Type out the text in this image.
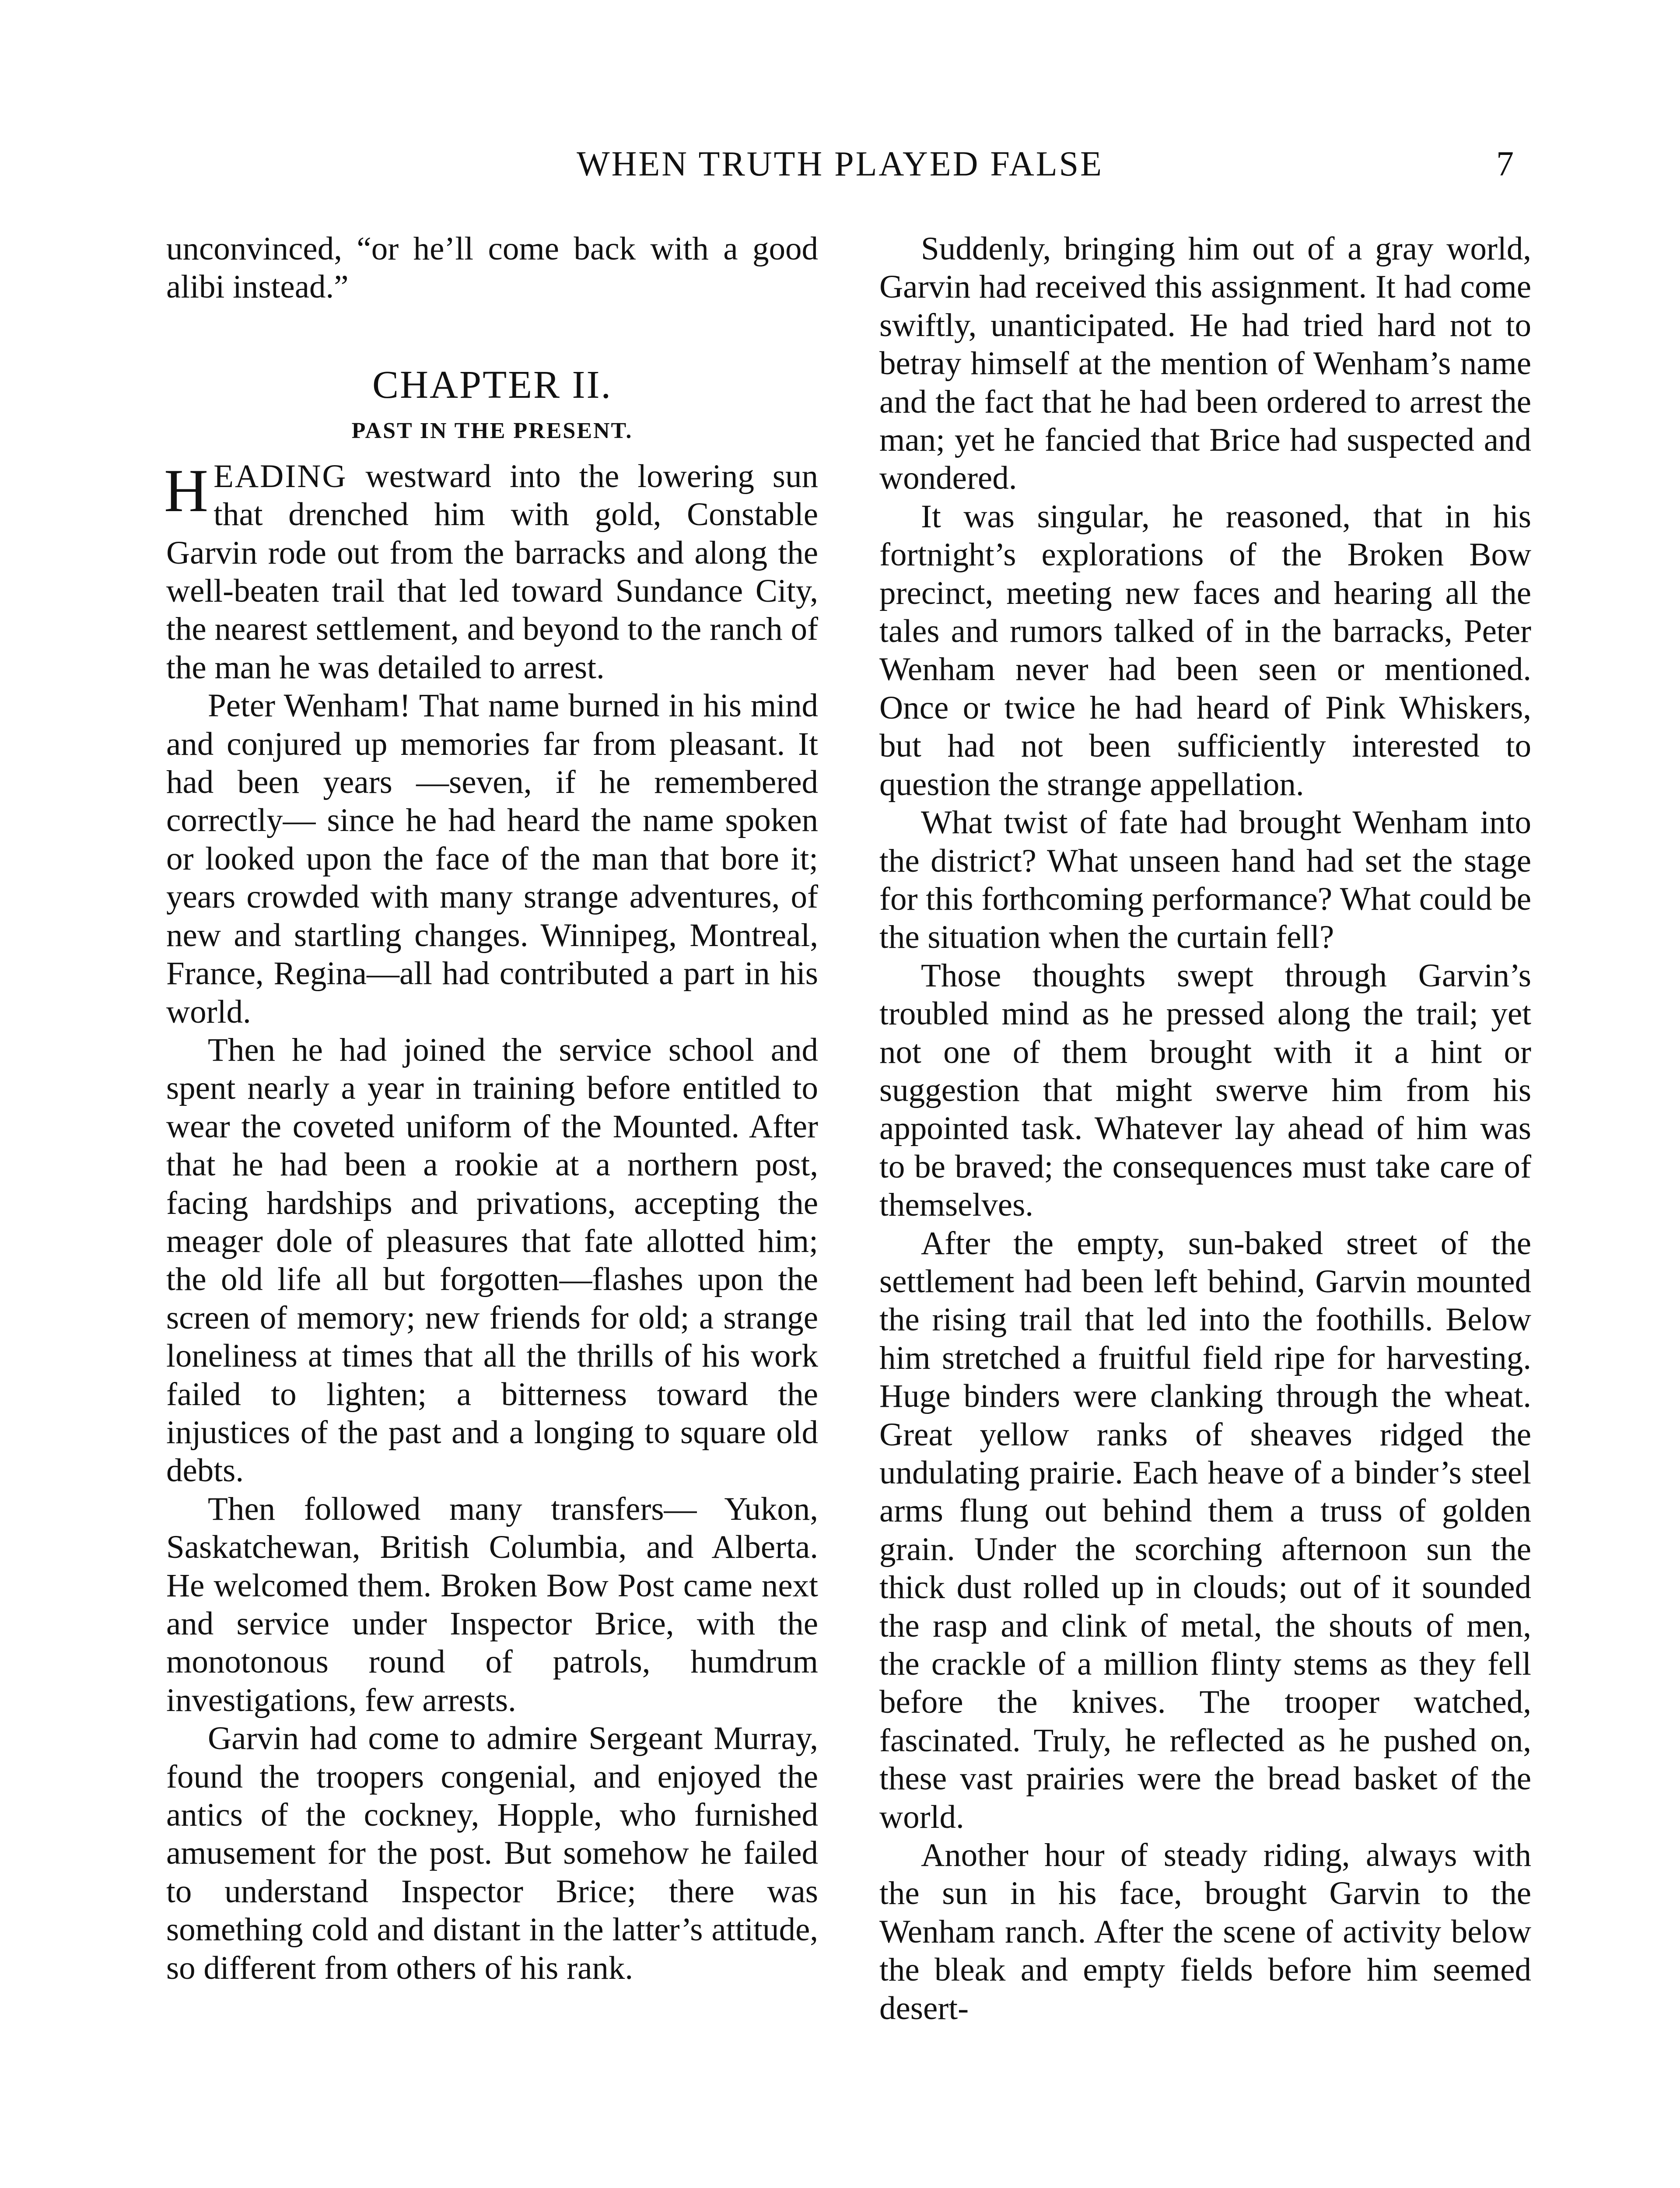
WHEN TRUTH PLAYED FALSE	7

unconvinced, “or he’ll come back with a good alibi instead.”

CHAPTER II.
PAST IN THE PRESENT.

HEADING westward into the lowering sun that drenched him with gold, Constable Garvin rode out from the barracks and along the well-beaten trail that led toward Sundance City, the nearest settlement, and beyond to the ranch of the man he was detailed to arrest.

Peter Wenham! That name burned in his mind and conjured up memories far from pleasant. It had been years —seven, if he remembered correctly— since he had heard the name spoken or looked upon the face of the man that bore it; years crowded with many strange adventures, of new and startling changes. Winnipeg, Montreal, France, Regina—all had contributed a part in his world.

Then he had joined the service school and spent nearly a year in training before entitled to wear the coveted uniform of the Mounted. After that he had been a rookie at a northern post, facing hardships and privations, accepting the meager dole of pleasures that fate allotted him; the old life all but forgotten—flashes upon the screen of memory; new friends for old; a strange loneliness at times that all the thrills of his work failed to lighten; a bitterness toward the injustices of the past and a longing to square old debts.

Then followed many transfers— Yukon, Saskatchewan, British Columbia, and Alberta. He welcomed them. Broken Bow Post came next and service under Inspector Brice, with the monotonous round of patrols, humdrum investigations, few arrests.

Garvin had come to admire Sergeant Murray, found the troopers congenial, and enjoyed the antics of the cockney, Hopple, who furnished amusement for the post. But somehow he failed to understand Inspector Brice; there was something cold and distant in the latter’s attitude, so different from others of his rank.

Suddenly, bringing him out of a gray world, Garvin had received this assignment. It had come swiftly, unanticipated. He had tried hard not to betray himself at the mention of Wenham’s name and the fact that he had been ordered to arrest the man; yet he fancied that Brice had suspected and wondered.

It was singular, he reasoned, that in his fortnight’s explorations of the Broken Bow precinct, meeting new faces and hearing all the tales and rumors talked of in the barracks, Peter Wenham never had been seen or mentioned. Once or twice he had heard of Pink Whiskers, but had not been sufficiently interested to question the strange appellation.

What twist of fate had brought Wenham into the district? What unseen hand had set the stage for this forthcoming performance? What could be the situation when the curtain fell?

Those thoughts swept through Garvin’s troubled mind as he pressed along the trail; yet not one of them brought with it a hint or suggestion that might swerve him from his appointed task. Whatever lay ahead of him was to be braved; the consequences must take care of themselves.

After the empty, sun-baked street of the settlement had been left behind, Garvin mounted the rising trail that led into the foothills. Below him stretched a fruitful field ripe for harvesting. Huge binders were clanking through the wheat. Great yellow ranks of sheaves ridged the undulating prairie. Each heave of a binder’s steel arms flung out behind them a truss of golden grain. Under the scorching afternoon sun the thick dust rolled up in clouds; out of it sounded the rasp and clink of metal, the shouts of men, the crackle of a million flinty stems as they fell before the knives. The trooper watched, fascinated. Truly, he reflected as he pushed on, these vast prairies were the bread basket of the world.

Another hour of steady riding, always with the sun in his face, brought Garvin to the Wenham ranch. After the scene of activity below the bleak and empty fields before him seemed desert-
